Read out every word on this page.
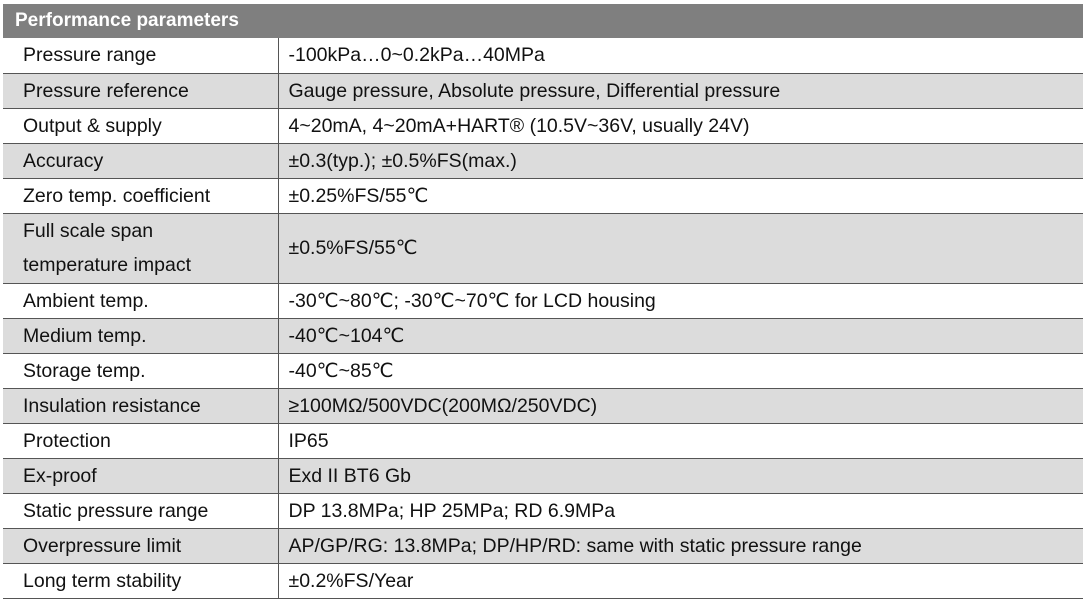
Performance parameters
Pressure range	-100kPa…0~0.2kPa…40MPa
Pressure reference	Gauge pressure, Absolute pressure, Differential pressure
Output & supply	4~20mA, 4~20mA+HART® (10.5V~36V, usually 24V)
Accuracy	±0.3(typ.); ±0.5%FS(max.)
Zero temp. coefficient	±0.25%FS/55℃

Full scale span temperature impact	±0.5%FS/55℃
Ambient temp.	-30℃~80℃; -30℃~70℃ for LCD housing
Medium temp.	-40℃~104℃
Storage temp.	-40℃~85℃
Insulation resistance	≥100MΩ/500VDC(200MΩ/250VDC)
Protection	IP65
Ex-proof	Exd II BT6 Gb
Static pressure range	DP 13.8MPa; HP 25MPa; RD 6.9MPa
Overpressure limit	AP/GP/RG: 13.8MPa; DP/HP/RD: same with static pressure range
Long term stability	±0.2%FS/Year
